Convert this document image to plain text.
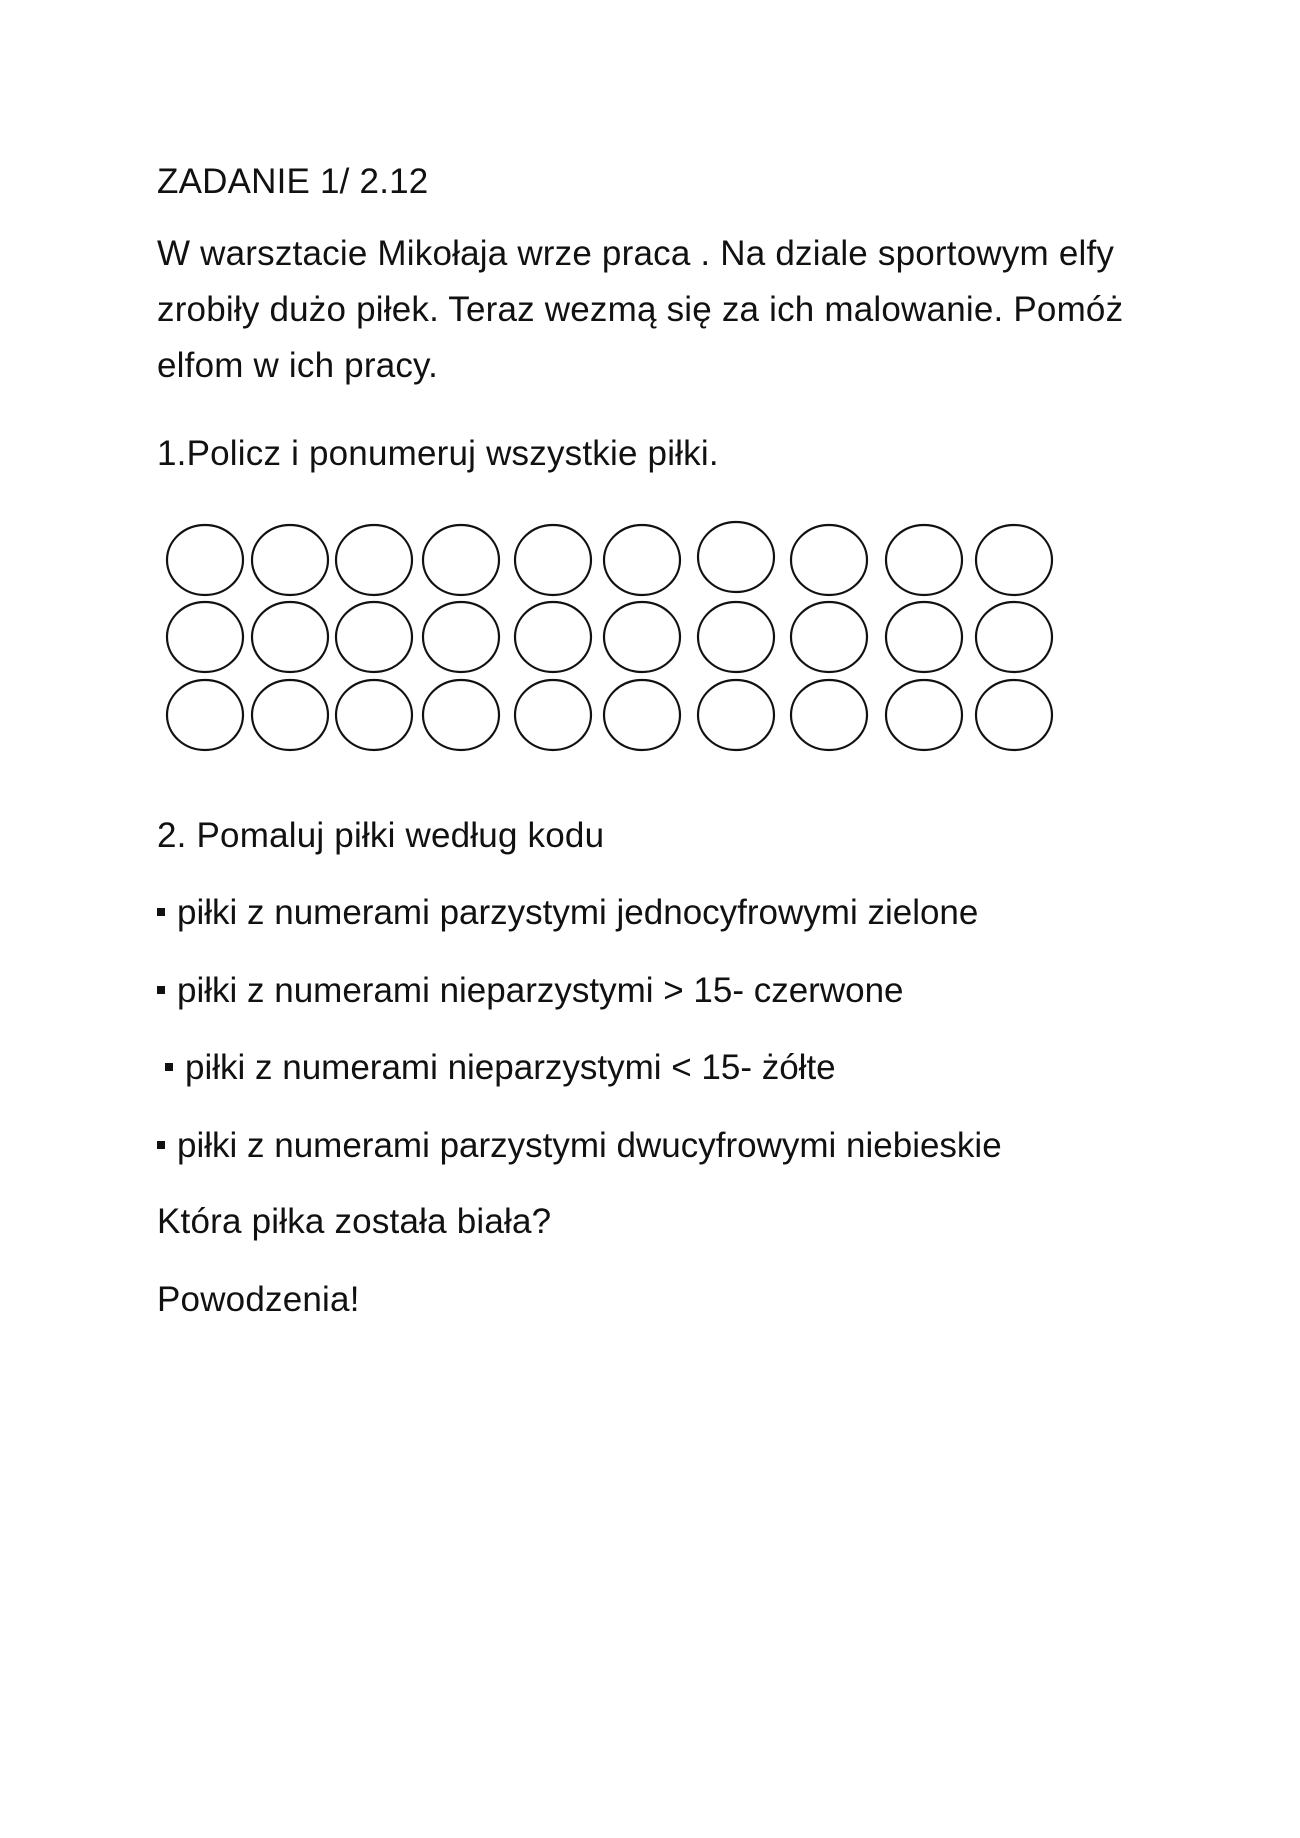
ZADANIE 1/ 2.12

W warsztacie Mikołaja wrze praca . Na dziale sportowym elfy zrobiły dużo piłek. Teraz wezmą się za ich malowanie. Pomóż elfom w ich pracy.

1.Policz i ponumeruj wszystkie piłki.

2. Pomaluj piłki według kodu

piłki z numerami parzystymi jednocyfrowymi zielone
piłki z numerami nieparzystymi > 15- czerwone
piłki z numerami nieparzystymi < 15- żółte
piłki z numerami parzystymi dwucyfrowymi niebieskie

Która piłka została biała?

Powodzenia!
